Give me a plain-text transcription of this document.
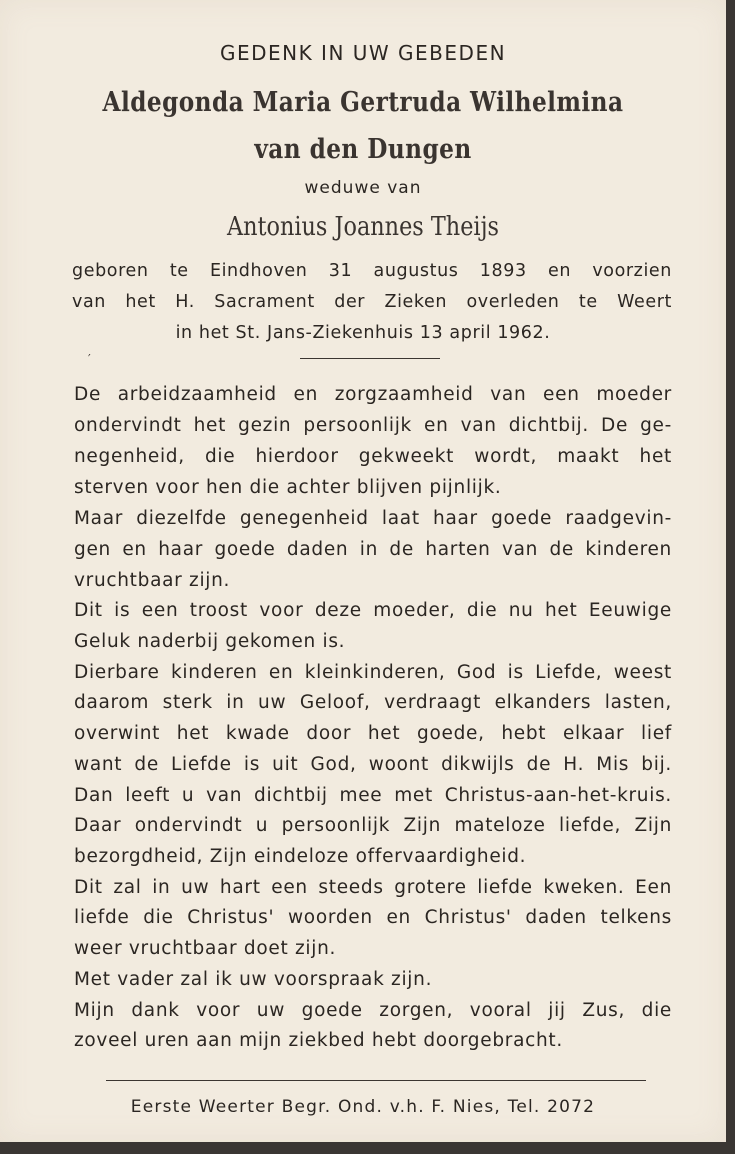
GEDENK IN UW GEBEDEN
Aldegonda Maria Gertruda Wilhelmina
van den Dungen
weduwe van
Antonius Joannes Theijs
geboren te Eindhoven 31 augustus 1893 en voorzien
van het H. Sacrament der Zieken overleden te Weert
in het St. Jans-Ziekenhuis 13 april 1962.
′
De arbeidzaamheid en zorgzaamheid van een moeder
ondervindt het gezin persoonlijk en van dichtbij. De ge-
negenheid, die hierdoor gekweekt wordt, maakt het
sterven voor hen die achter blijven pijnlijk.
Maar diezelfde genegenheid laat haar goede raadgevin-
gen en haar goede daden in de harten van de kinderen
vruchtbaar zijn.
Dit is een troost voor deze moeder, die nu het Eeuwige
Geluk naderbij gekomen is.
Dierbare kinderen en kleinkinderen, God is Liefde, weest
daarom sterk in uw Geloof, verdraagt elkanders lasten,
overwint het kwade door het goede, hebt elkaar lief
want de Liefde is uit God, woont dikwijls de H. Mis bij.
Dan leeft u van dichtbij mee met Christus-aan-het-kruis.
Daar ondervindt u persoonlijk Zijn mateloze liefde, Zijn
bezorgdheid, Zijn eindeloze offervaardigheid.
Dit zal in uw hart een steeds grotere liefde kweken. Een
liefde die Christus' woorden en Christus' daden telkens
weer vruchtbaar doet zijn.
Met vader zal ik uw voorspraak zijn.
Mijn dank voor uw goede zorgen, vooral jij Zus, die
zoveel uren aan mijn ziekbed hebt doorgebracht.
Eerste Weerter Begr. Ond. v.h. F. Nies, Tel. 2072
